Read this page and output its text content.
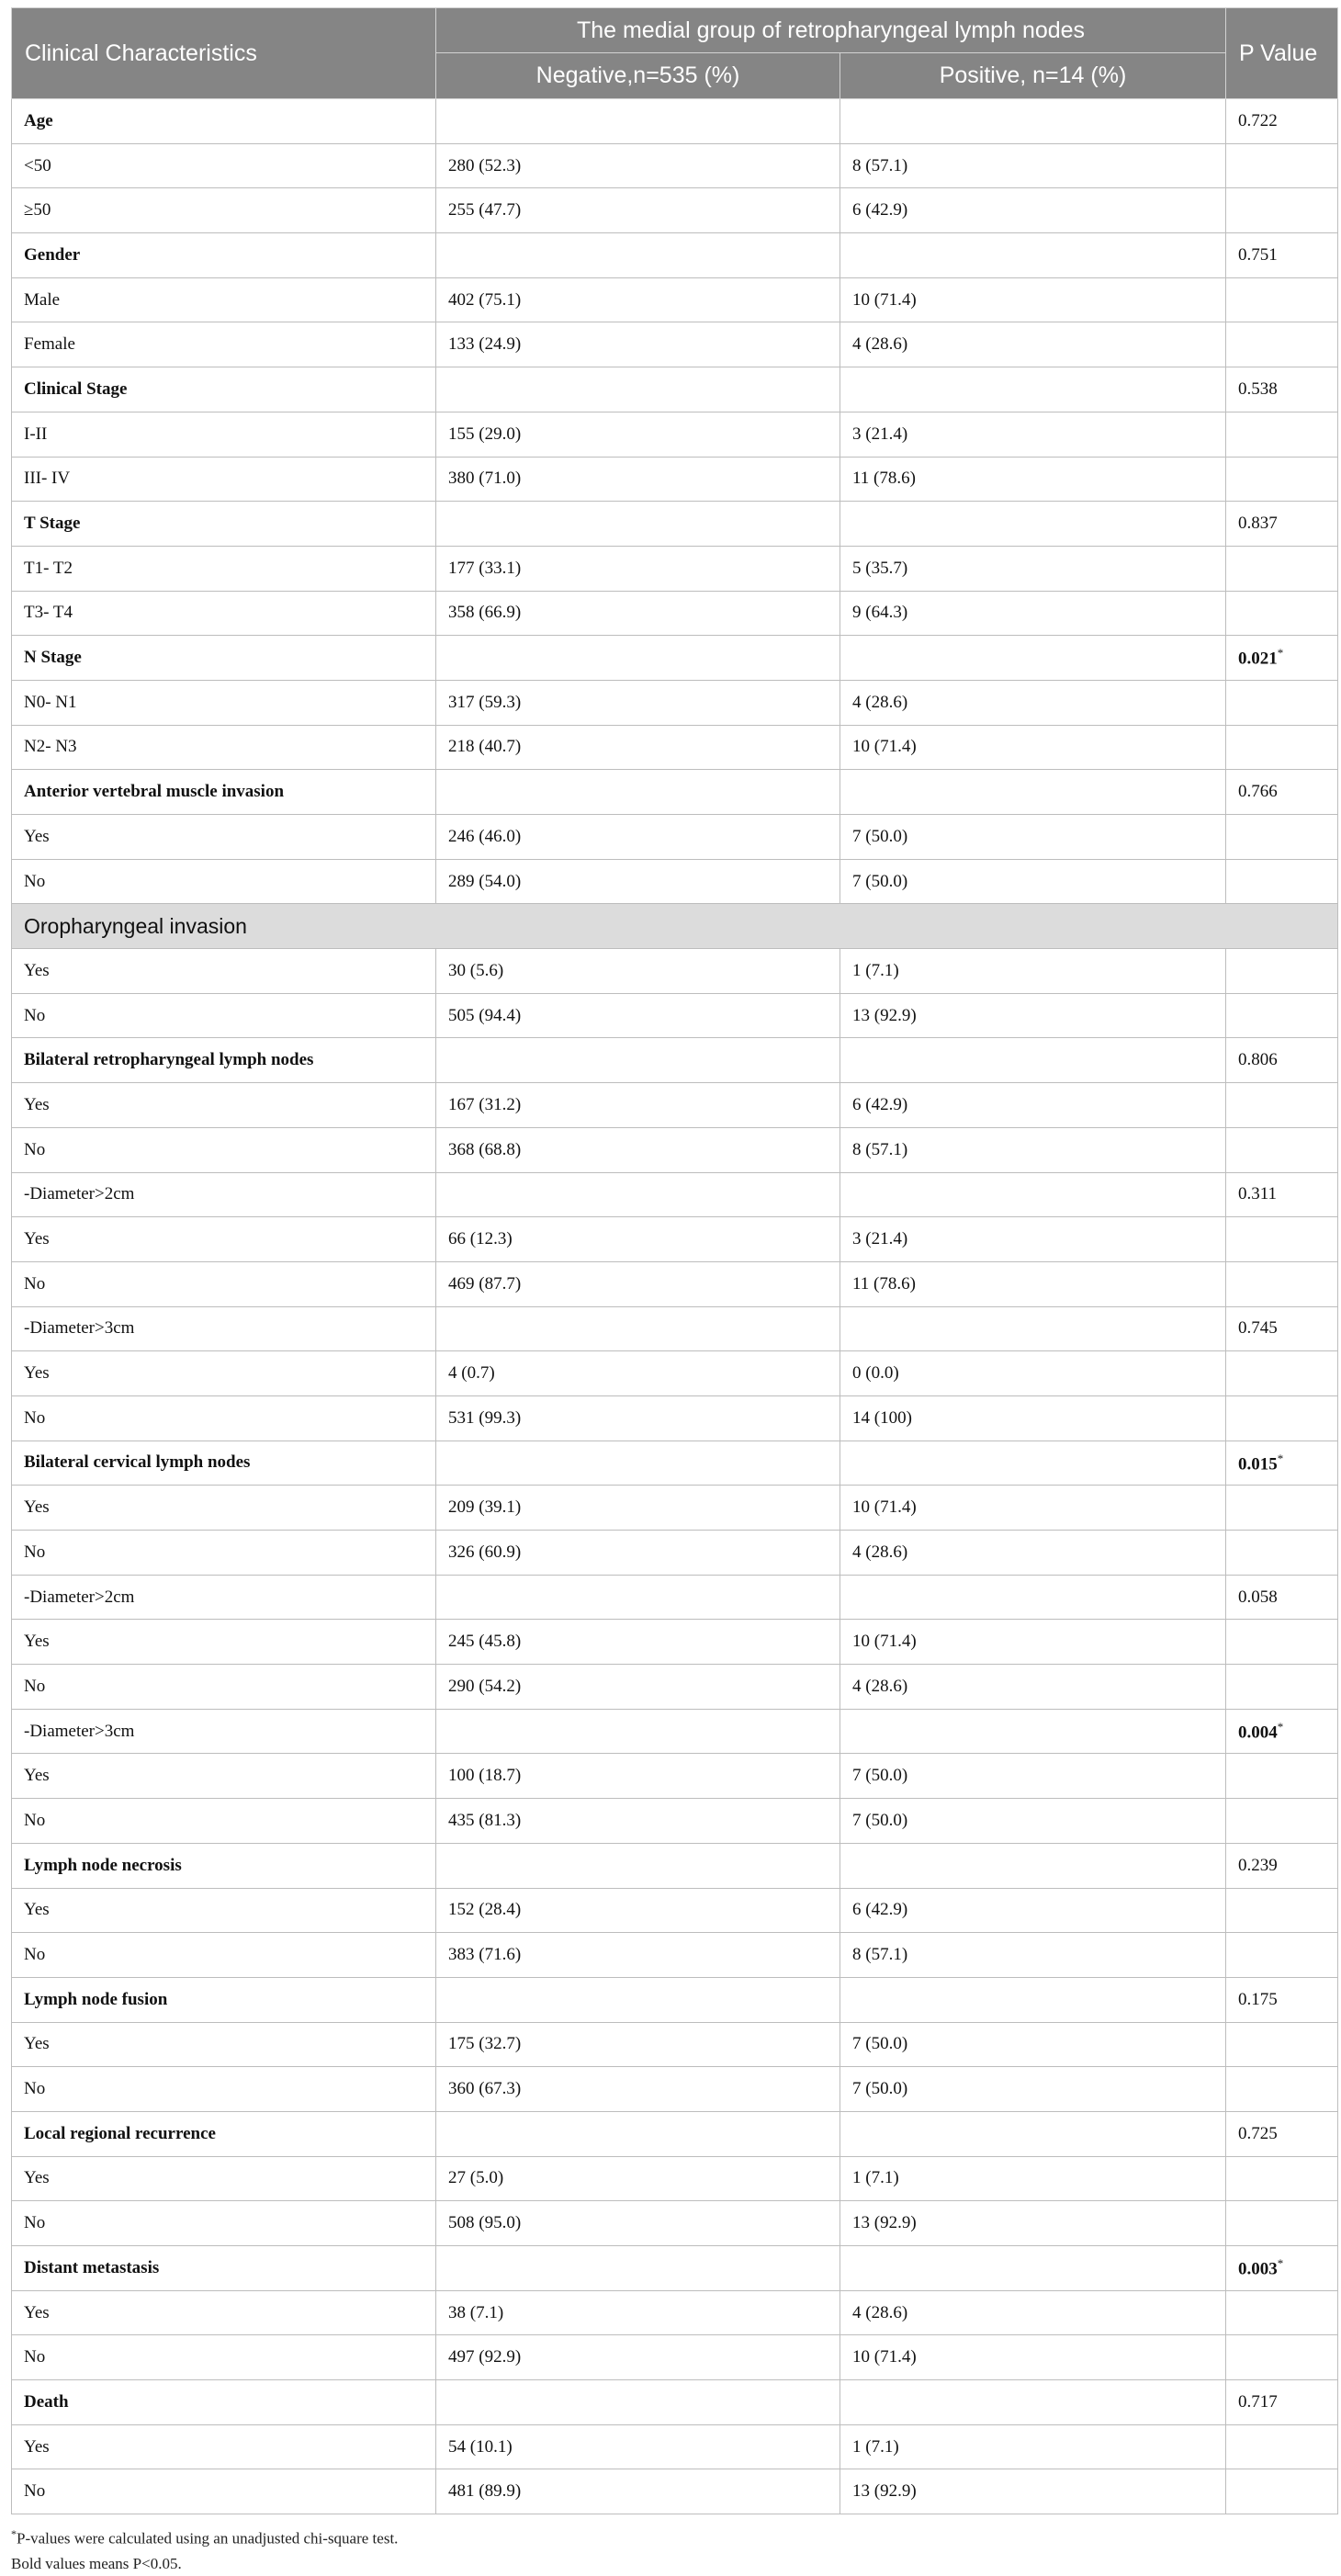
Clinical Characteristics	The medial group of retropharyngeal lymph nodes		P Value
	Negative,n=535 (%)	Positive, n=14 (%)	
Age			0.722
<50	280 (52.3)	8 (57.1)	
≥50	255 (47.7)	6 (42.9)	
Gender			0.751
Male	402 (75.1)	10 (71.4)	
Female	133 (24.9)	4 (28.6)	
Clinical Stage			0.538
I-II	155 (29.0)	3 (21.4)	
III- IV	380 (71.0)	11 (78.6)	
T Stage			0.837
T1- T2	177 (33.1)	5 (35.7)	
T3- T4	358 (66.9)	9 (64.3)	
N Stage			0.021*
N0- N1	317 (59.3)	4 (28.6)	
N2- N3	218 (40.7)	10 (71.4)	
Anterior vertebral muscle invasion			0.766
Yes	246 (46.0)	7 (50.0)	
No	289 (54.0)	7 (50.0)	
Oropharyngeal invasion			
Yes	30 (5.6)	1 (7.1)	
No	505 (94.4)	13 (92.9)	
Bilateral retropharyngeal lymph nodes			0.806
Yes	167 (31.2)	6 (42.9)	
No	368 (68.8)	8 (57.1)	
-Diameter>2cm			0.311
Yes	66 (12.3)	3 (21.4)	
No	469 (87.7)	11 (78.6)	
-Diameter>3cm			0.745
Yes	4 (0.7)	0 (0.0)	
No	531 (99.3)	14 (100)	
Bilateral cervical lymph nodes			0.015*
Yes	209 (39.1)	10 (71.4)	
No	326 (60.9)	4 (28.6)	
-Diameter>2cm			0.058
Yes	245 (45.8)	10 (71.4)	
No	290 (54.2)	4 (28.6)	
-Diameter>3cm			0.004*
Yes	100 (18.7)	7 (50.0)	
No	435 (81.3)	7 (50.0)	
Lymph node necrosis			0.239
Yes	152 (28.4)	6 (42.9)	
No	383 (71.6)	8 (57.1)	
Lymph node fusion			0.175
Yes	175 (32.7)	7 (50.0)	
No	360 (67.3)	7 (50.0)	
Local regional recurrence			0.725
Yes	27 (5.0)	1 (7.1)	
No	508 (95.0)	13 (92.9)	
Distant metastasis			0.003*
Yes	38 (7.1)	4 (28.6)	
No	497 (92.9)	10 (71.4)	
Death			0.717
Yes	54 (10.1)	1 (7.1)	
No	481 (89.9)	13 (92.9)	
*P-values were calculated using an unadjusted chi-square test.
Bold values means P<0.05.
